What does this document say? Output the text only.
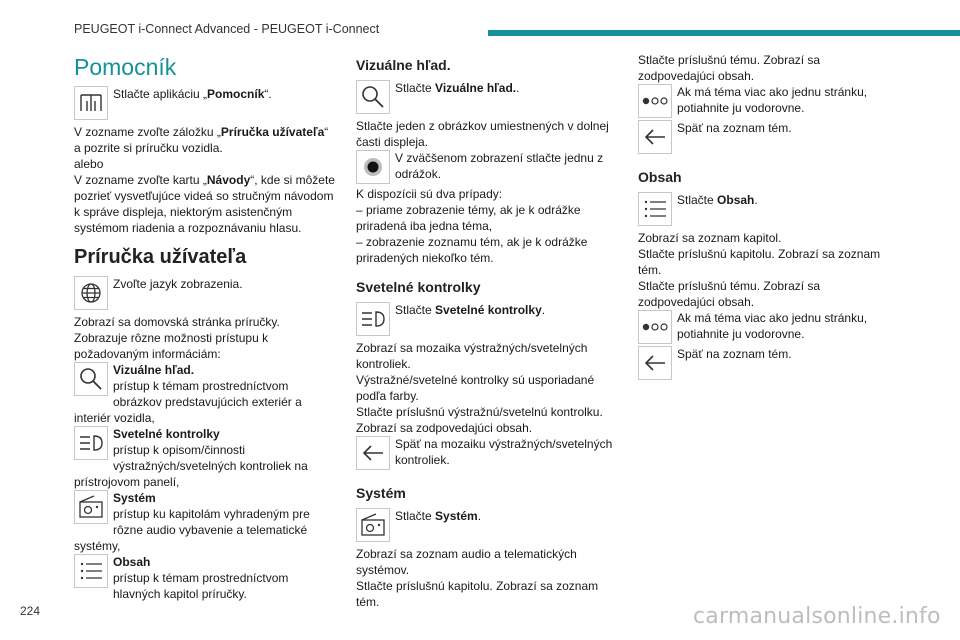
PEUGEOT i-Connect Advanced - PEUGEOT i-Connect
Pomocník

Stlačte aplikáciu „Pomocník“.

V zozname zvoľte záložku „Príručka užívateľa“ a pozrite si príručku vozidla.

alebo

V zozname zvoľte kartu „Návody“, kde si môžete pozrieť vysvetľujúce videá so stručným návodom k správe displeja, niektorým asistenčným systémom riadenia a rozpoznávaniu hlasu.

Príručka užívateľa

Zvoľte jazyk zobrazenia.

Zobrazí sa domovská stránka príručky.

Zobrazuje rôzne možnosti prístupu k požadovaným informáciám:

Vizuálne hľad.
prístup k témam prostredníctvom obrázkov predstavujúcich exteriér a interiér vozidla,

Svetelné kontrolky
prístup k opisom/činnosti výstražných/svetelných kontroliek na prístrojovom panelí,

Systém
prístup ku kapitolám vyhradeným pre rôzne audio vybavenie a telematické systémy,

Obsah
prístup k témam prostredníctvom hlavných kapitol príručky.

Vizuálne hľad.

Stlačte Vizuálne hľad..

Stlačte jeden z obrázkov umiestnených v dolnej časti displeja.

V zväčšenom zobrazení stlačte jednu z odrážok.

K dispozícii sú dva prípady:

– priame zobrazenie témy, ak je k odrážke priradená iba jedna téma,

– zobrazenie zoznamu tém, ak je k odrážke priradených niekoľko tém.

Svetelné kontrolky

Stlačte Svetelné kontrolky.

Zobrazí sa mozaika výstražných/svetelných kontroliek.

Výstražné/svetelné kontrolky sú usporiadané podľa farby.

Stlačte príslušnú výstražnú/svetelnú kontrolku.

Zobrazí sa zodpovedajúci obsah.

Späť na mozaiku výstražných/svetelných kontroliek.

Systém

Stlačte Systém.

Zobrazí sa zoznam audio a telematických systémov.

Stlačte príslušnú kapitolu. Zobrazí sa zoznam tém.

Stlačte príslušnú tému. Zobrazí sa zodpovedajúci obsah.

Ak má téma viac ako jednu stránku, potiahnite ju vodorovne.

Späť na zoznam tém.

Obsah

Stlačte Obsah.

Zobrazí sa zoznam kapitol.

Stlačte príslušnú kapitolu. Zobrazí sa zoznam tém.

Stlačte príslušnú tému. Zobrazí sa zodpovedajúci obsah.

Ak má téma viac ako jednu stránku, potiahnite ju vodorovne.

Späť na zoznam tém.

224	carmanualsonline.info
